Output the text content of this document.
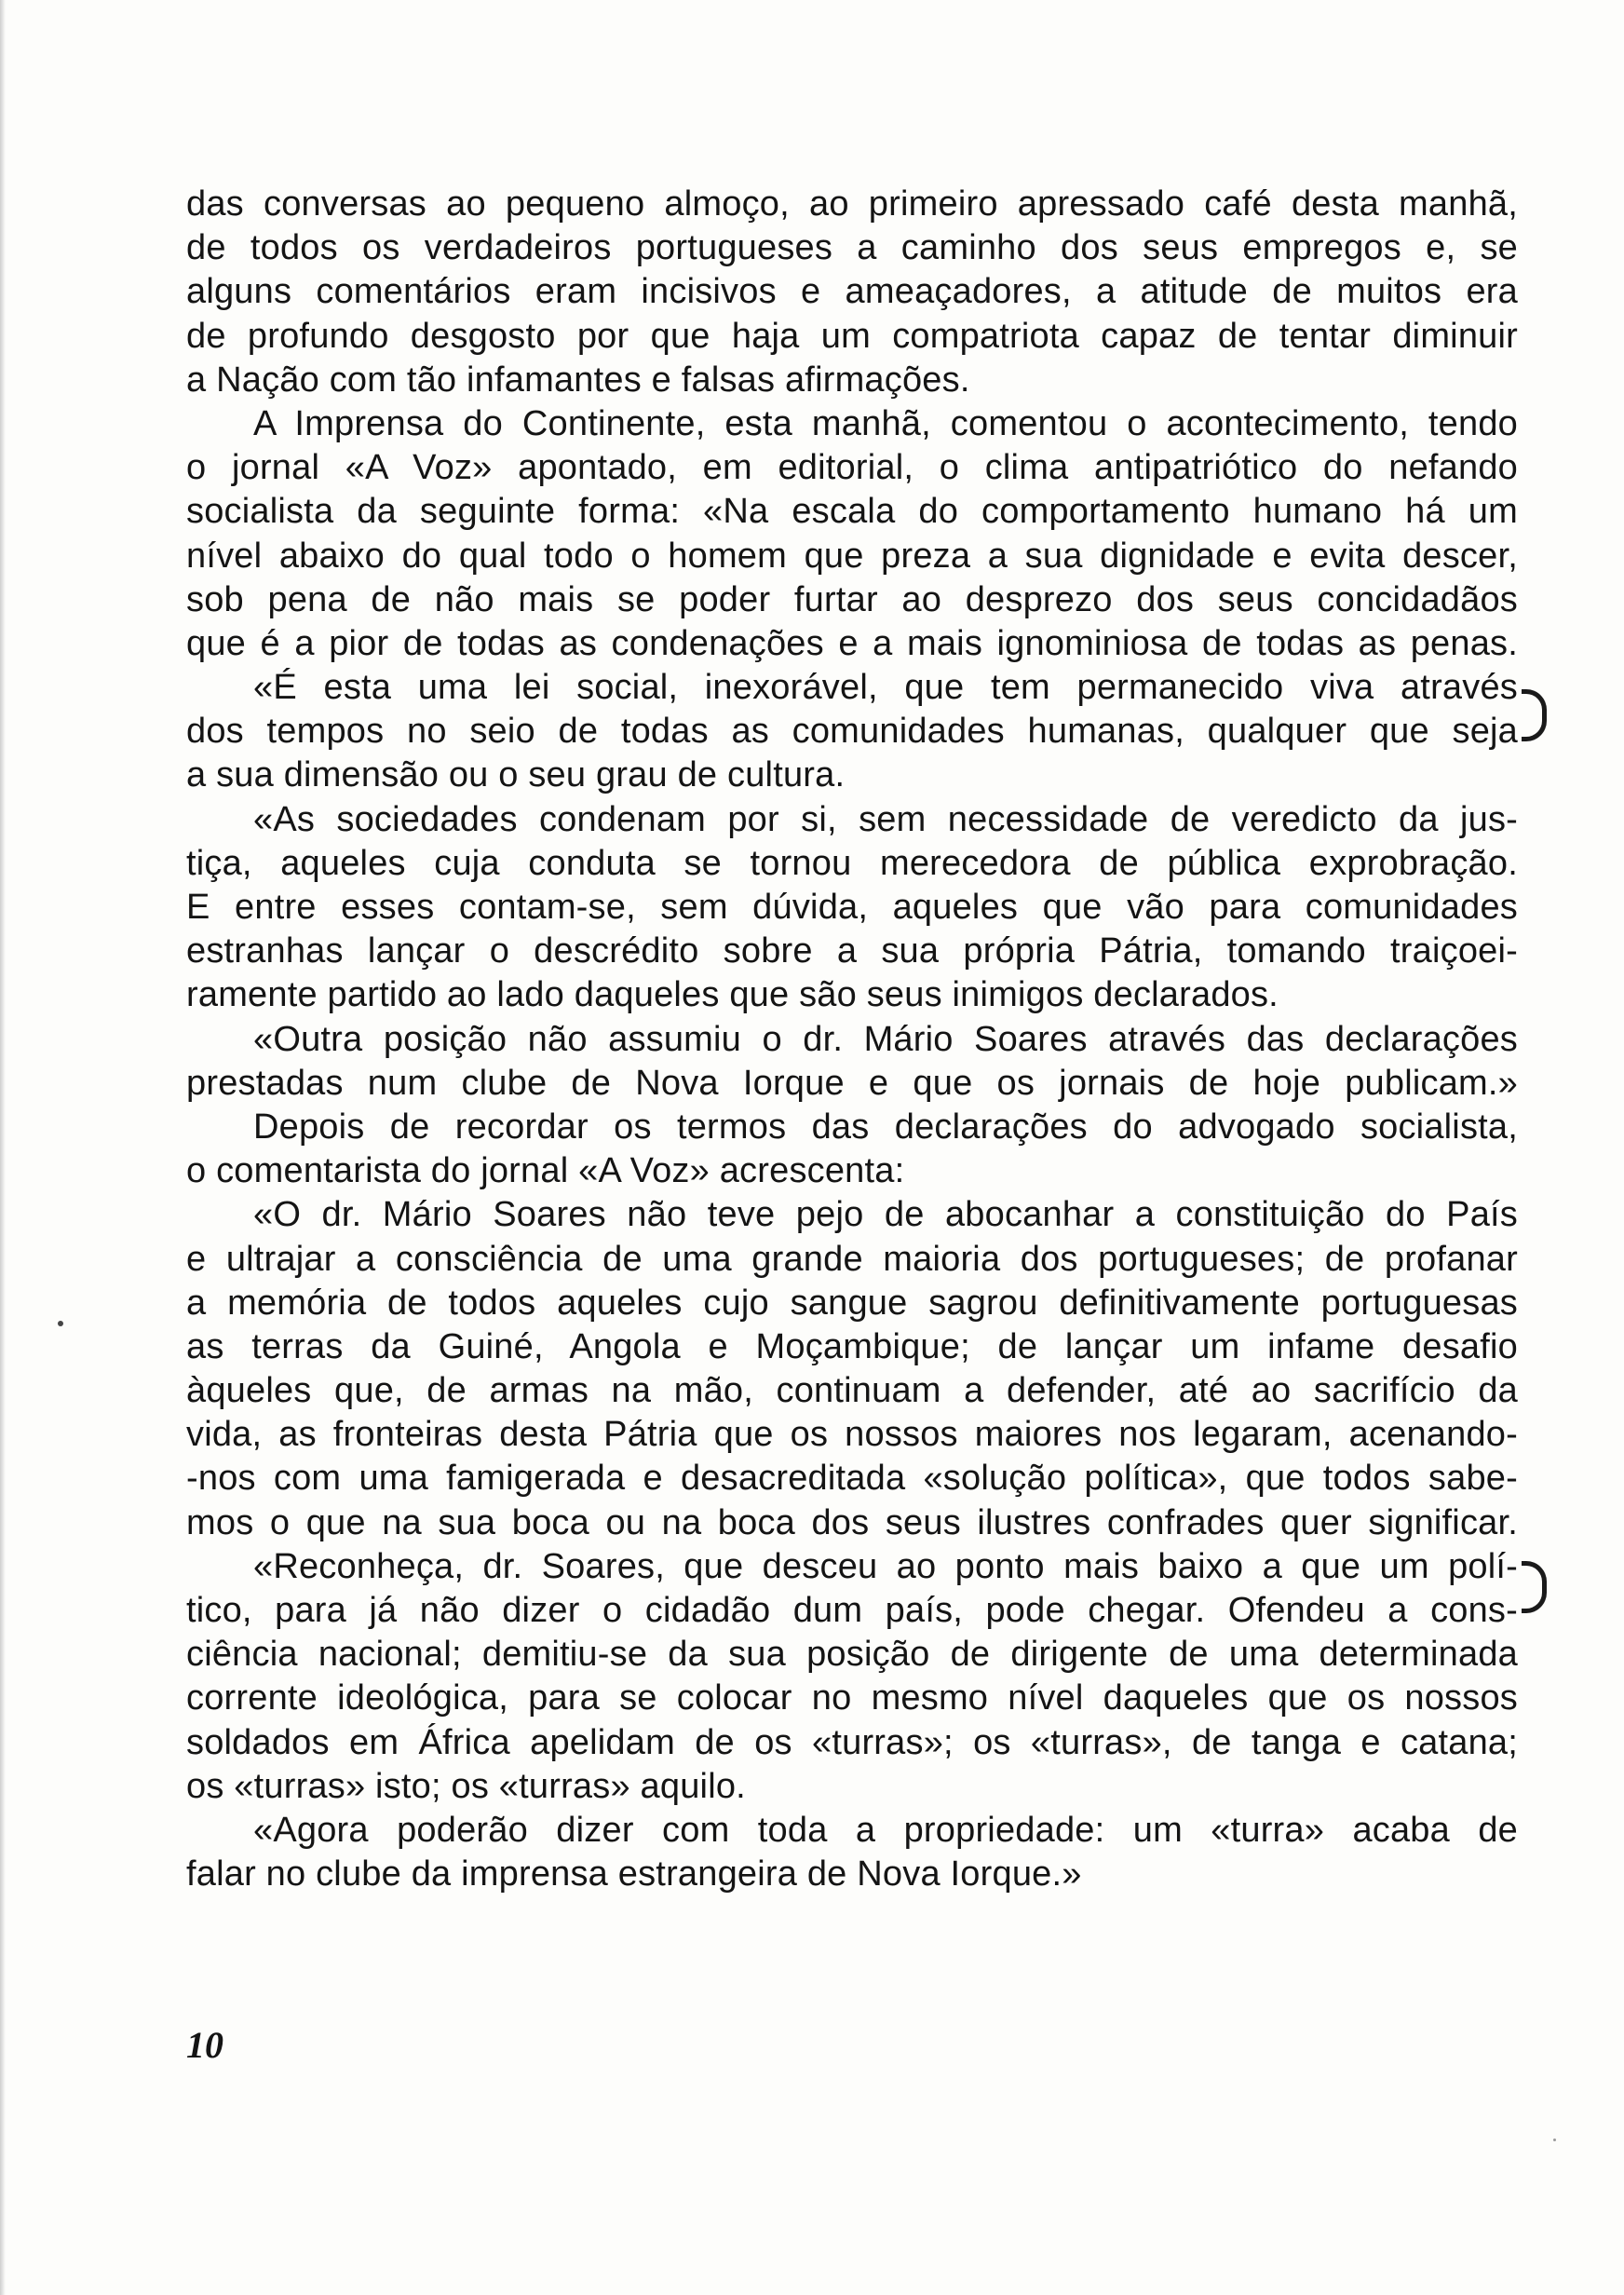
das conversas ao pequeno almoço, ao primeiro apressado café desta manhã,
de todos os verdadeiros portugueses a caminho dos seus empregos e, se
alguns comentários eram incisivos e ameaçadores, a atitude de muitos era
de profundo desgosto por que haja um compatriota capaz de tentar diminuir
a Nação com tão infamantes e falsas afirmações.
A Imprensa do Continente, esta manhã, comentou o acontecimento, tendo
o jornal «A Voz» apontado, em editorial, o clima antipatriótico do nefando
socialista da seguinte forma: «Na escala do comportamento humano há um
nível abaixo do qual todo o homem que preza a sua dignidade e evita descer,
sob pena de não mais se poder furtar ao desprezo dos seus concidadãos
que é a pior de todas as condenações e a mais ignominiosa de todas as penas.
«É esta uma lei social, inexorável, que tem permanecido viva através
dos tempos no seio de todas as comunidades humanas, qualquer que seja
a sua dimensão ou o seu grau de cultura.
«As sociedades condenam por si, sem necessidade de veredicto da jus-
tiça, aqueles cuja conduta se tornou merecedora de pública exprobração.
E entre esses contam-se, sem dúvida, aqueles que vão para comunidades
estranhas lançar o descrédito sobre a sua própria Pátria, tomando traiçoei-
ramente partido ao lado daqueles que são seus inimigos declarados.
«Outra posição não assumiu o dr. Mário Soares através das declarações
prestadas num clube de Nova Iorque e que os jornais de hoje publicam.»
Depois de recordar os termos das declarações do advogado socialista,
o comentarista do jornal «A Voz» acrescenta:
«O dr. Mário Soares não teve pejo de abocanhar a constituição do País
e ultrajar a consciência de uma grande maioria dos portugueses; de profanar
a memória de todos aqueles cujo sangue sagrou definitivamente portuguesas
as terras da Guiné, Angola e Moçambique; de lançar um infame desafio
àqueles que, de armas na mão, continuam a defender, até ao sacrifício da
vida, as fronteiras desta Pátria que os nossos maiores nos legaram, acenando-
-nos com uma famigerada e desacreditada «solução política», que todos sabe-
mos o que na sua boca ou na boca dos seus ilustres confrades quer significar.
«Reconheça, dr. Soares, que desceu ao ponto mais baixo a que um polí-
tico, para já não dizer o cidadão dum país, pode chegar. Ofendeu a cons-
ciência nacional; demitiu-se da sua posição de dirigente de uma determinada
corrente ideológica, para se colocar no mesmo nível daqueles que os nossos
soldados em África apelidam de os «turras»; os «turras», de tanga e catana;
os «turras» isto; os «turras» aquilo.
«Agora poderão dizer com toda a propriedade: um «turra» acaba de
falar no clube da imprensa estrangeira de Nova Iorque.»
10
